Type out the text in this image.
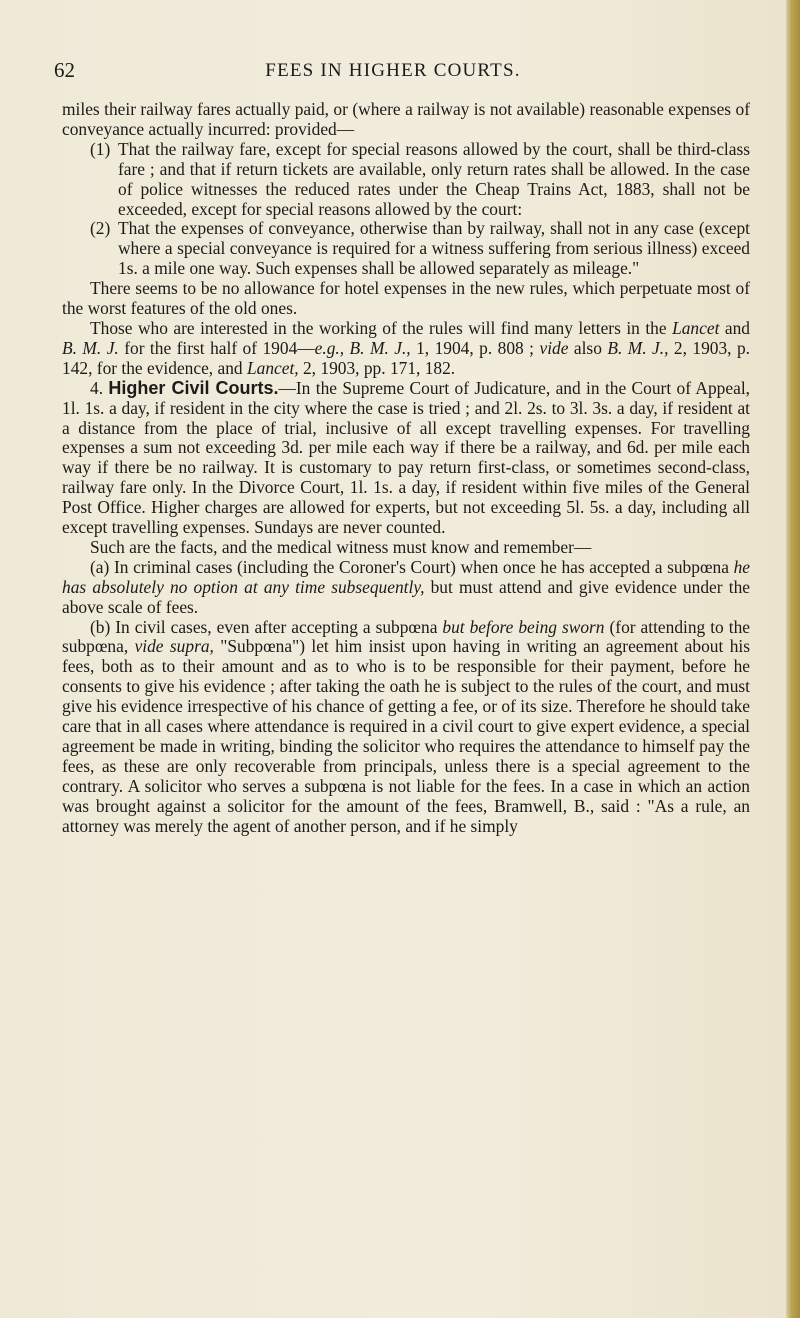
62	FEES IN HIGHER COURTS.

miles their railway fares actually paid, or (where a railway is not available) reasonable expenses of conveyance actually incurred: provided—

(1) That the railway fare, except for special reasons allowed by the court, shall be third-class fare ; and that if return tickets are available, only return rates shall be allowed. In the case of police witnesses the reduced rates under the Cheap Trains Act, 1883, shall not be exceeded, except for special reasons allowed by the court:

(2) That the expenses of conveyance, otherwise than by railway, shall not in any case (except where a special conveyance is required for a witness suffering from serious illness) exceed 1s. a mile one way. Such expenses shall be allowed separately as mileage."

There seems to be no allowance for hotel expenses in the new rules, which perpetuate most of the worst features of the old ones.

Those who are interested in the working of the rules will find many letters in the Lancet and B. M. J. for the first half of 1904—e.g., B. M. J., 1, 1904, p. 808 ; vide also B. M. J., 2, 1903, p. 142, for the evidence, and Lancet, 2, 1903, pp. 171, 182.

4. Higher Civil Courts.—In the Supreme Court of Judicature, and in the Court of Appeal, 1l. 1s. a day, if resident in the city where the case is tried ; and 2l. 2s. to 3l. 3s. a day, if resident at a distance from the place of trial, inclusive of all except travelling expenses. For travelling expenses a sum not exceeding 3d. per mile each way if there be a railway, and 6d. per mile each way if there be no railway. It is customary to pay return first-class, or sometimes second-class, railway fare only. In the Divorce Court, 1l. 1s. a day, if resident within five miles of the General Post Office. Higher charges are allowed for experts, but not exceeding 5l. 5s. a day, including all except travelling expenses. Sundays are never counted.

Such are the facts, and the medical witness must know and remember—

(a) In criminal cases (including the Coroner's Court) when once he has accepted a subpœna he has absolutely no option at any time subsequently, but must attend and give evidence under the above scale of fees.

(b) In civil cases, even after accepting a subpœna but before being sworn (for attending to the subpœna, vide supra, "Subpœna") let him insist upon having in writing an agreement about his fees, both as to their amount and as to who is to be responsible for their payment, before he consents to give his evidence ; after taking the oath he is subject to the rules of the court, and must give his evidence irrespective of his chance of getting a fee, or of its size. Therefore he should take care that in all cases where attendance is required in a civil court to give expert evidence, a special agreement be made in writing, binding the solicitor who requires the attendance to himself pay the fees, as these are only recoverable from principals, unless there is a special agreement to the contrary. A solicitor who serves a subpœna is not liable for the fees. In a case in which an action was brought against a solicitor for the amount of the fees, Bramwell, B., said : "As a rule, an attorney was merely the agent of another person, and if he simply
